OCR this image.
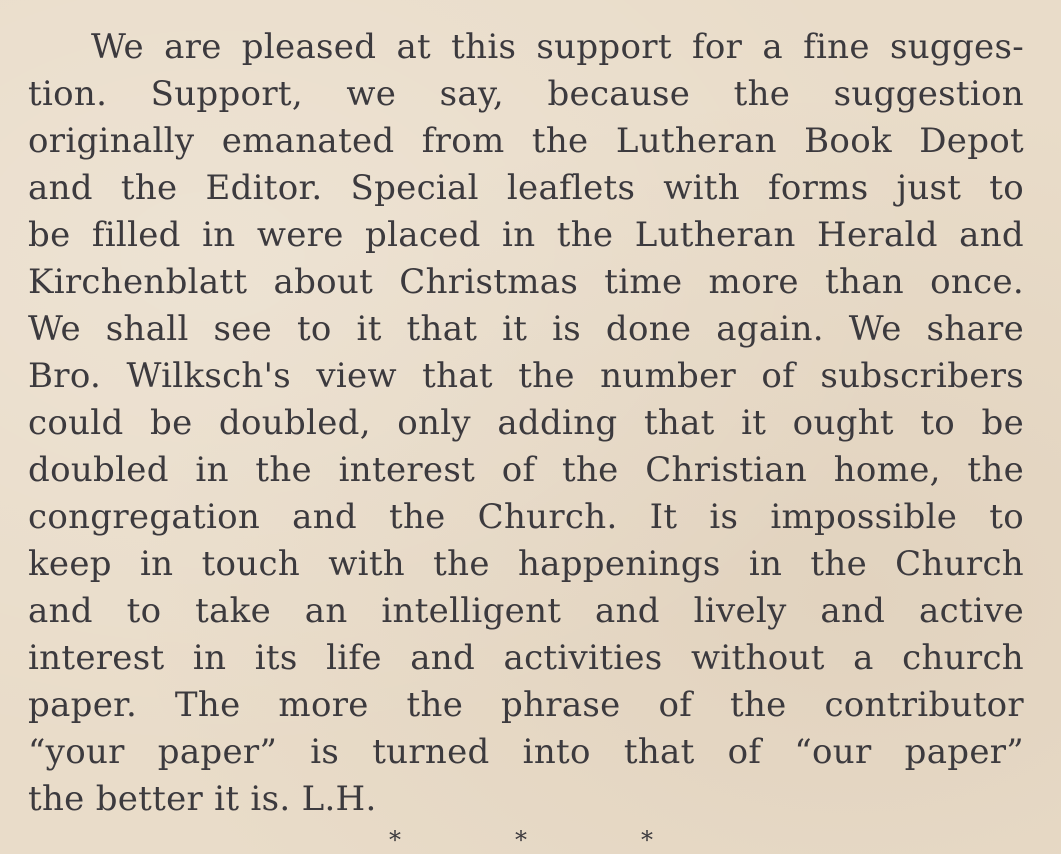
We are pleased at this support for a fine sugges-
tion. Support, we say, because the suggestion
originally emanated from the Lutheran Book Depot
and the Editor. Special leaflets with forms just to
be filled in were placed in the Lutheran Herald and
Kirchenblatt about Christmas time more than once.
We shall see to it that it is done again. We share
Bro. Wilksch's view that the number of subscribers
could be doubled, only adding that it ought to be
doubled in the interest of the Christian home, the
congregation and the Church. It is impossible to
keep in touch with the happenings in the Church
and to take an intelligent and lively and active
interest in its life and activities without a church
paper. The more the phrase of the contributor
“your paper” is turned into that of “our paper”
the better it is. L.H.
*	*	*
